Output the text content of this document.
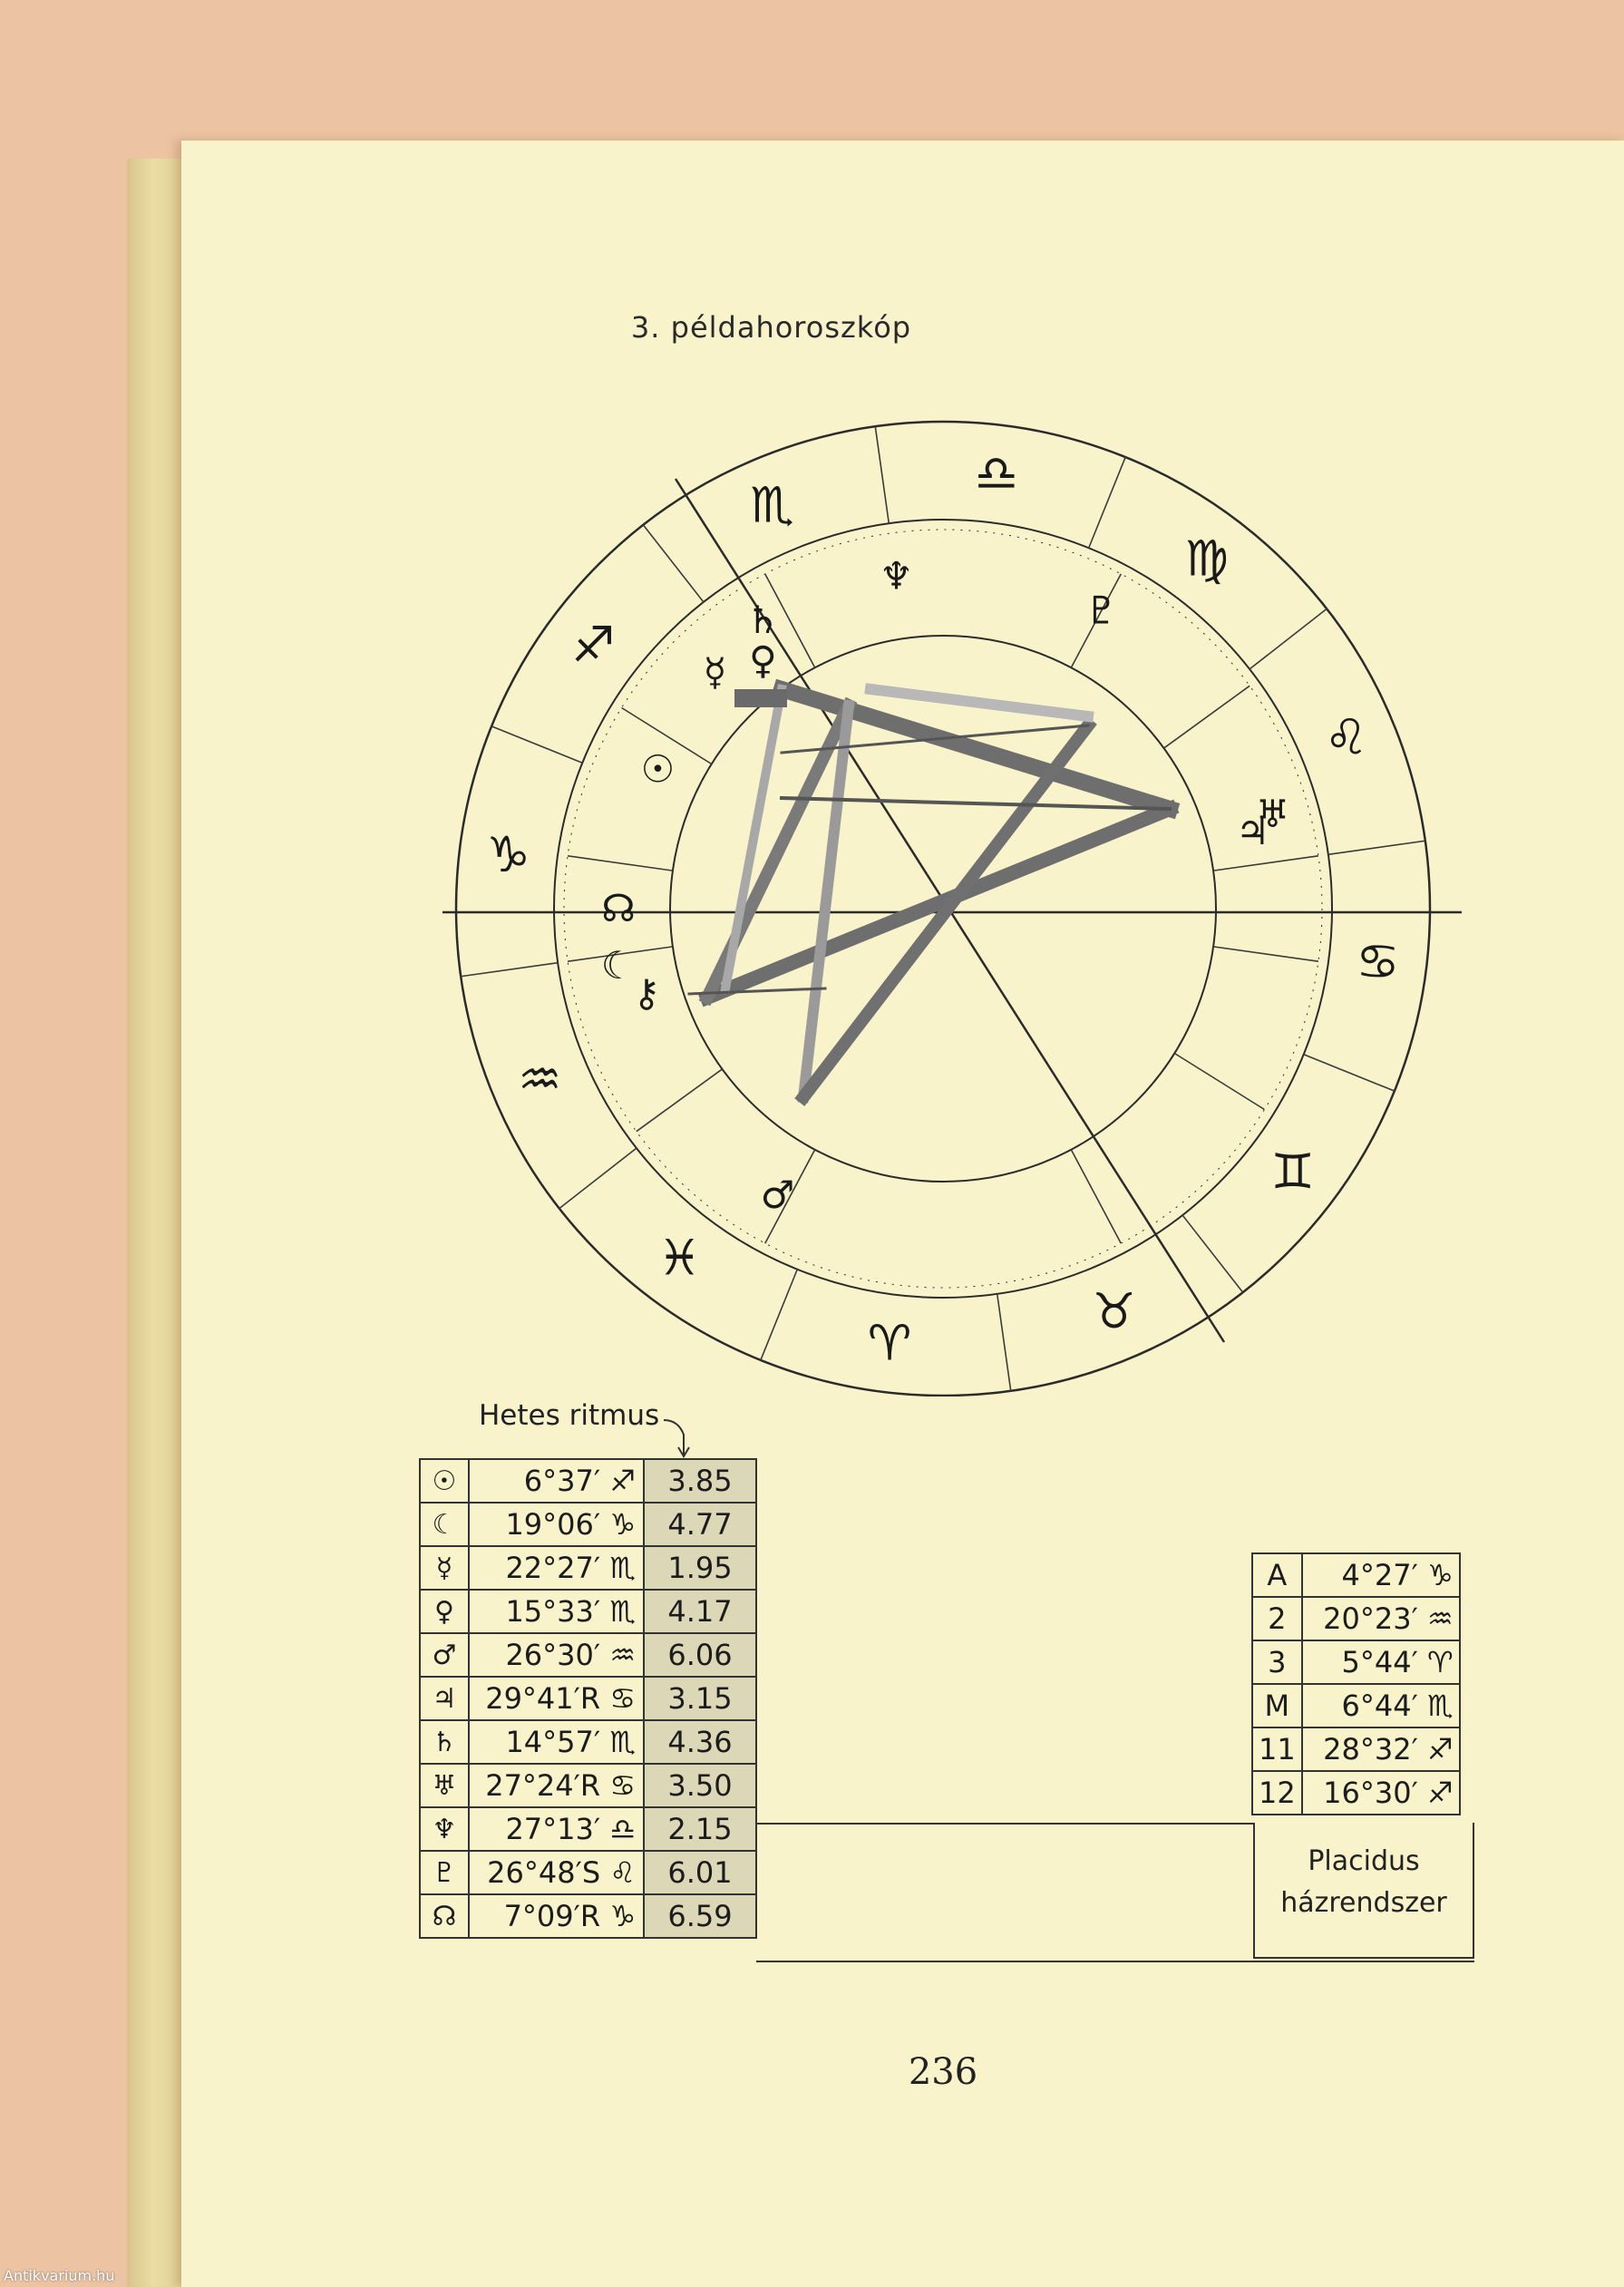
3. példahoroszkóp
♎
♍
♌
♋
♊
♉
♈
♓
♒
♑
♐
♏
♆
♇
♃
♅
♄
☿ ♀
☉
☊
☾
⚷
♂
Hetes ritmus
☉	6°37′ ♐	3.85
☾	19°06′ ♑	4.77
☿	22°27′ ♏	1.95
♀	15°33′ ♏	4.17
♂	26°30′ ♒	6.06
♃	29°41′R ♋	3.15
♄	14°57′ ♏	4.36
♅	27°24′R ♋	3.50
♆	27°13′ ♎	2.15
♇	26°48′S ♌	6.01
☊	7°09′R ♑	6.59
A	4°27′ ♑
2	20°23′ ♒
3	5°44′ ♈
M	6°44′ ♏
11	28°32′ ♐
12	16°30′ ♐
Placidus
házrendszer
236
Antikvarium.hu
